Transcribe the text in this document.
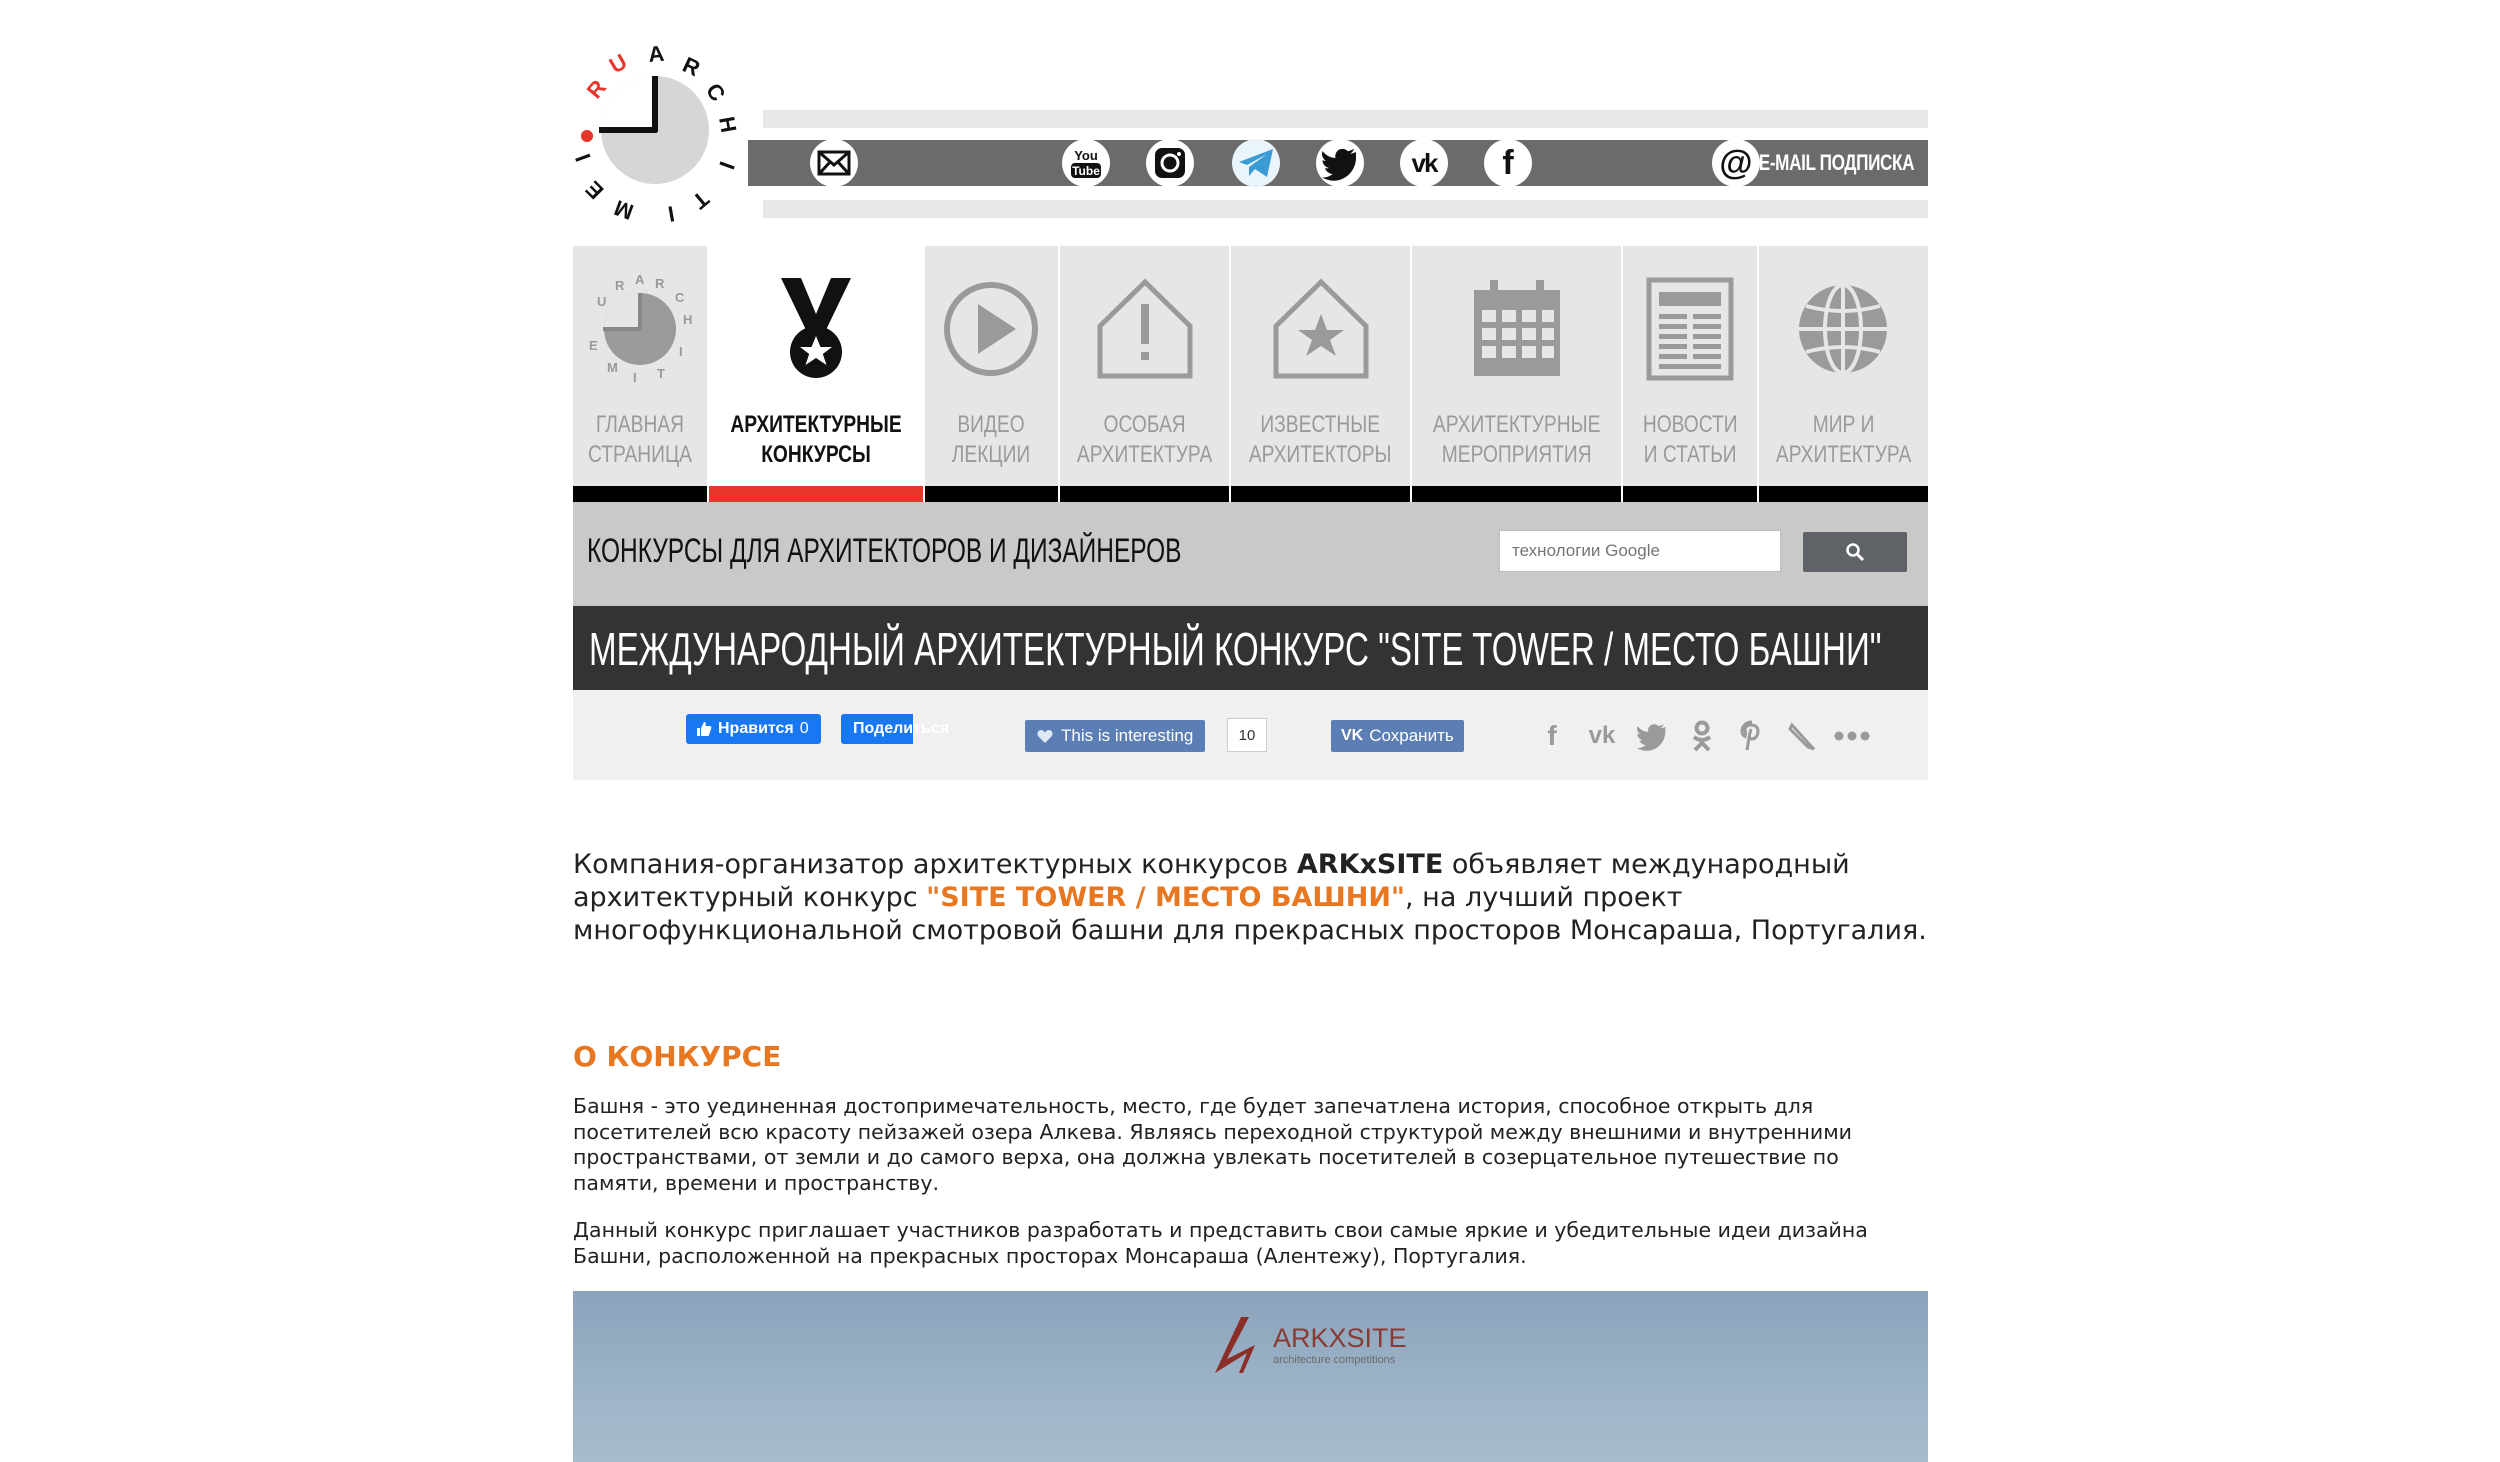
R
U A R
C
H
I
T
I
M
E
I	You
Tube	vk f	@ E-MAIL ПОДПИСКА
R A R
C
H
I
T
I
M
E
U
ГЛАВНАЯ
СТРАНИЦА
АРХИТЕКТУРНЫЕ
КОНКУРСЫ
ВИДЕО
ЛЕКЦИИ
ОСОБАЯ
АРХИТЕКТУРА
ИЗВЕСТНЫЕ
АРХИТЕКТОРЫ
АРХИТЕКТУРНЫЕ
МЕРОПРИЯТИЯ
НОВОСТИ
И СТАТЬИ
МИР И
АРХИТЕКТУРА
КОНКУРСЫ ДЛЯ АРХИТЕКТОРОВ И ДИЗАЙНЕРОВ
технологии Google
МЕЖДУНАРОДНЫЙ АРХИТЕКТУРНЫЙ КОНКУРС "SITE TOWER / МЕСТО БАШНИ"
Нравится 0	Поделиться	This is interesting	10	VK Сохранить	f	vk

Компания-организатор архитектурных конкурсов ARKxSITE объявляет международный архитектурный конкурс "SITE TOWER / МЕСТО БАШНИ", на лучший проект многофункциональной смотровой башни для прекрасных просторов Монсараша, Португалия.

О КОНКУРСЕ

Башня - это уединенная достопримечательность, место, где будет запечатлена история, способное открыть для посетителей всю красоту пейзажей озера Алкева. Являясь переходной структурой между внешними и внутренними пространствами, от земли и до самого верха, она должна увлекать посетителей в созерцательное путешествие по памяти, времени и пространству.

Данный конкурс приглашает участников разработать и представить свои самые яркие и убедительные идеи дизайна Башни, расположенной на прекрасных просторах Монсараша (Алентежу), Португалия.

ARKXSITE
architecture competitions
